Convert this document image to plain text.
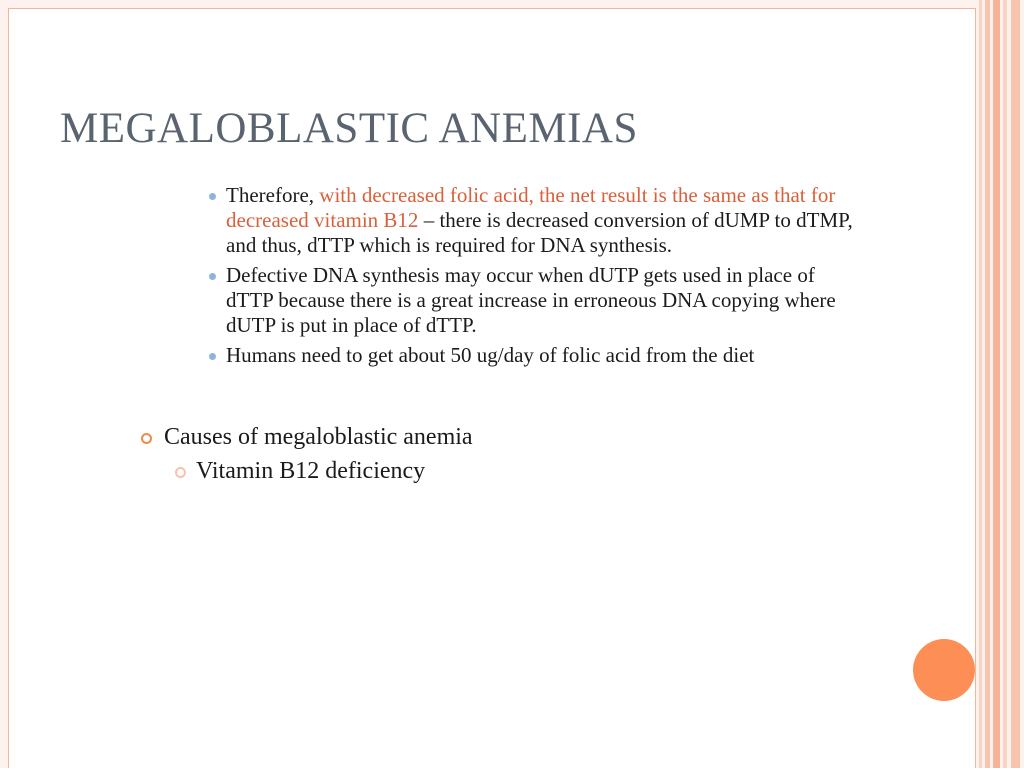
MEGALOBLASTIC ANEMIAS
Therefore, with decreased folic acid, the net result is the same as that for decreased vitamin B12 – there is decreased conversion of dUMP to dTMP, and thus, dTTP which is required for DNA synthesis.
Defective DNA synthesis may occur when dUTP gets used in place of dTTP because there is a great increase in erroneous DNA copying where dUTP is put in place of dTTP.
Humans need to get about 50 ug/day of folic acid from the diet

Causes of megaloblastic anemia

Vitamin B12 deficiency
